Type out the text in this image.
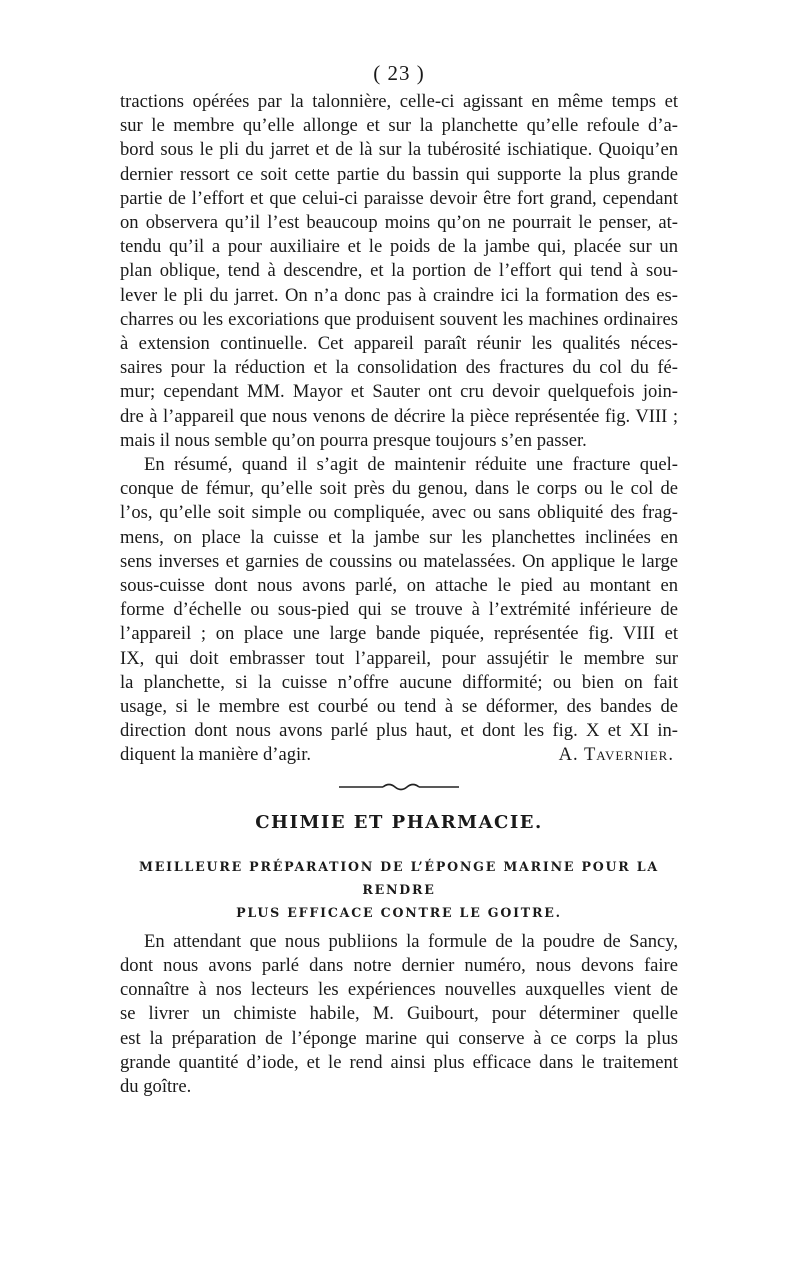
( 23 )
tractions opérées par la talonnière, celle-ci agissant en même temps et
sur le membre qu’elle allonge et sur la planchette qu’elle refoule d’a-
bord sous le pli du jarret et de là sur la tubérosité ischiatique. Quoiqu’en
dernier ressort ce soit cette partie du bassin qui supporte la plus grande
partie de l’effort et que celui-ci paraisse devoir être fort grand, cependant
on observera qu’il l’est beaucoup moins qu’on ne pourrait le penser, at-
tendu qu’il a pour auxiliaire et le poids de la jambe qui, placée sur un
plan oblique, tend à descendre, et la portion de l’effort qui tend à sou-
lever le pli du jarret. On n’a donc pas à craindre ici la formation des es-
charres ou les excoriations que produisent souvent les machines ordinaires
à extension continuelle. Cet appareil paraît réunir les qualités néces-
saires pour la réduction et la consolidation des fractures du col du fé-
mur; cependant MM. Mayor et Sauter ont cru devoir quelquefois join-
dre à l’appareil que nous venons de décrire la pièce représentée fig. VIII ;
mais il nous semble qu’on pourra presque toujours s’en passer.
En résumé, quand il s’agit de maintenir réduite une fracture quel-
conque de fémur, qu’elle soit près du genou, dans le corps ou le col de
l’os, qu’elle soit simple ou compliquée, avec ou sans obliquité des frag-
mens, on place la cuisse et la jambe sur les planchettes inclinées en
sens inverses et garnies de coussins ou matelassées. On applique le large
sous-cuisse dont nous avons parlé, on attache le pied au montant en
forme d’échelle ou sous-pied qui se trouve à l’extrémité inférieure de
l’appareil ; on place une large bande piquée, représentée fig. VIII et
IX, qui doit embrasser tout l’appareil, pour assujétir le membre sur
la planchette, si la cuisse n’offre aucune difformité; ou bien on fait
usage, si le membre est courbé ou tend à se déformer, des bandes de
direction dont nous avons parlé plus haut, et dont les fig. X et XI in-
diquent la manière d’agir.	A. Tavernier.
CHIMIE ET PHARMACIE.
MEILLEURE PRÉPARATION DE L’ÉPONGE MARINE POUR LA RENDRE
PLUS EFFICACE CONTRE LE GOITRE.
En attendant que nous publiions la formule de la poudre de Sancy,
dont nous avons parlé dans notre dernier numéro, nous devons faire
connaître à nos lecteurs les expériences nouvelles auxquelles vient de
se livrer un chimiste habile, M. Guibourt, pour déterminer quelle
est la préparation de l’éponge marine qui conserve à ce corps la plus
grande quantité d’iode, et le rend ainsi plus efficace dans le traitement
du goître.
